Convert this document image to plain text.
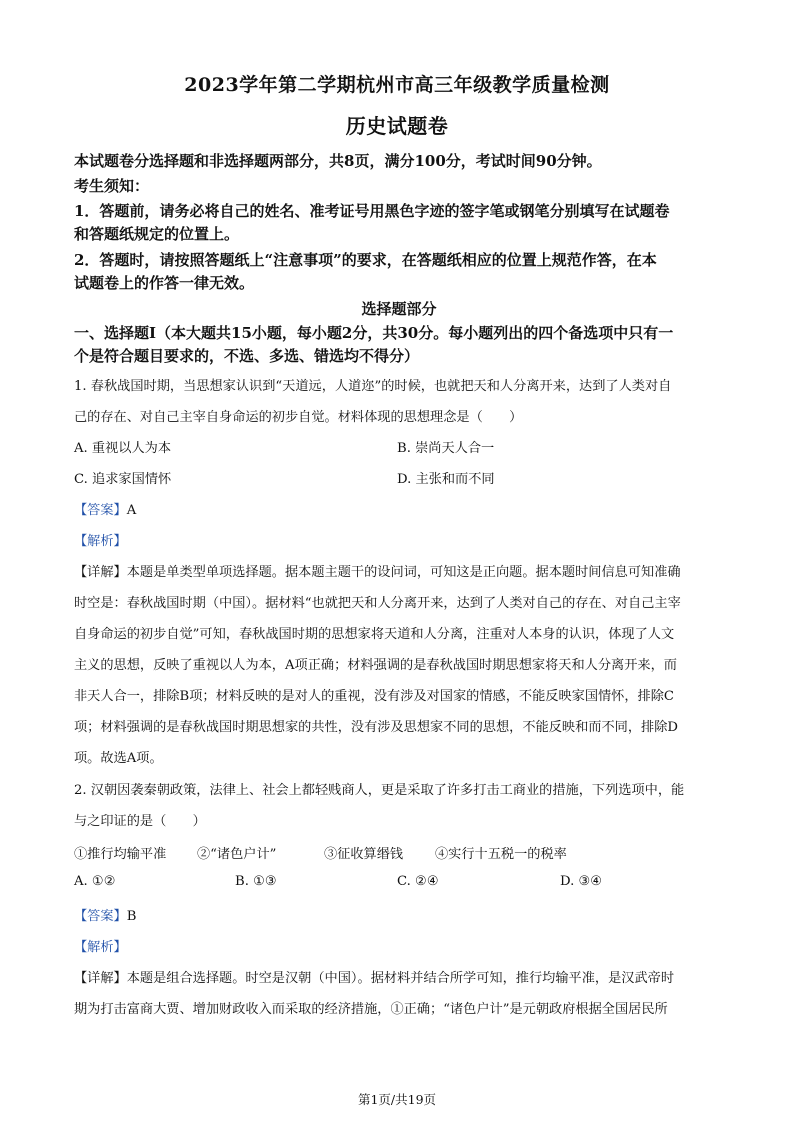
2023学年第二学期杭州市高三年级教学质量检测
历史试题卷
本试题卷分选择题和非选择题两部分，共8页，满分100分，考试时间90分钟。
考生须知：
1．答题前，请务必将自己的姓名、准考证号用黑色字迹的签字笔或钢笔分别填写在试题卷
和答题纸规定的位置上。
2．答题时，请按照答题纸上“注意事项”的要求，在答题纸相应的位置上规范作答，在本
试题卷上的作答一律无效。
选择题部分
一、选择题Ⅰ（本大题共15小题，每小题2分，共30分。每小题列出的四个备选项中只有一
个是符合题目要求的，不选、多选、错选均不得分）
1. 春秋战国时期，当思想家认识到“天道远，人道迩”的时候，也就把天和人分离开来，达到了人类对自
己的存在、对自己主宰自身命运的初步自觉。材料体现的思想理念是（　　）
A. 重视以人为本	B. 崇尚天人合一
C. 追求家国情怀	D. 主张和而不同
【答案】A
【解析】
【详解】本题是单类型单项选择题。据本题主题干的设问词，可知这是正向题。据本题时间信息可知准确
时空是：春秋战国时期（中国）。据材料“也就把天和人分离开来，达到了人类对自己的存在、对自己主宰
自身命运的初步自觉”可知，春秋战国时期的思想家将天道和人分离，注重对人本身的认识，体现了人文
主义的思想，反映了重视以人为本，A项正确；材料强调的是春秋战国时期思想家将天和人分离开来，而
非天人合一，排除B项；材料反映的是对人的重视，没有涉及对国家的情感，不能反映家国情怀，排除C
项；材料强调的是春秋战国时期思想家的共性，没有涉及思想家不同的思想，不能反映和而不同，排除D
项。故选A项。
2. 汉朝因袭秦朝政策，法律上、社会上都轻贱商人，更是采取了许多打击工商业的措施，下列选项中，能
与之印证的是（　　）
①推行均输平准 ②“诸色户计”	③征收算缗钱 ④实行十五税一的税率
A. ①②	B. ①③	C. ②④	D. ③④
【答案】B
【解析】
【详解】本题是组合选择题。时空是汉朝（中国）。据材料并结合所学可知，推行均输平准，是汉武帝时
期为打击富商大贾、增加财政收入而采取的经济措施，①正确；“诸色户计”是元朝政府根据全国居民所
第1页/共19页
